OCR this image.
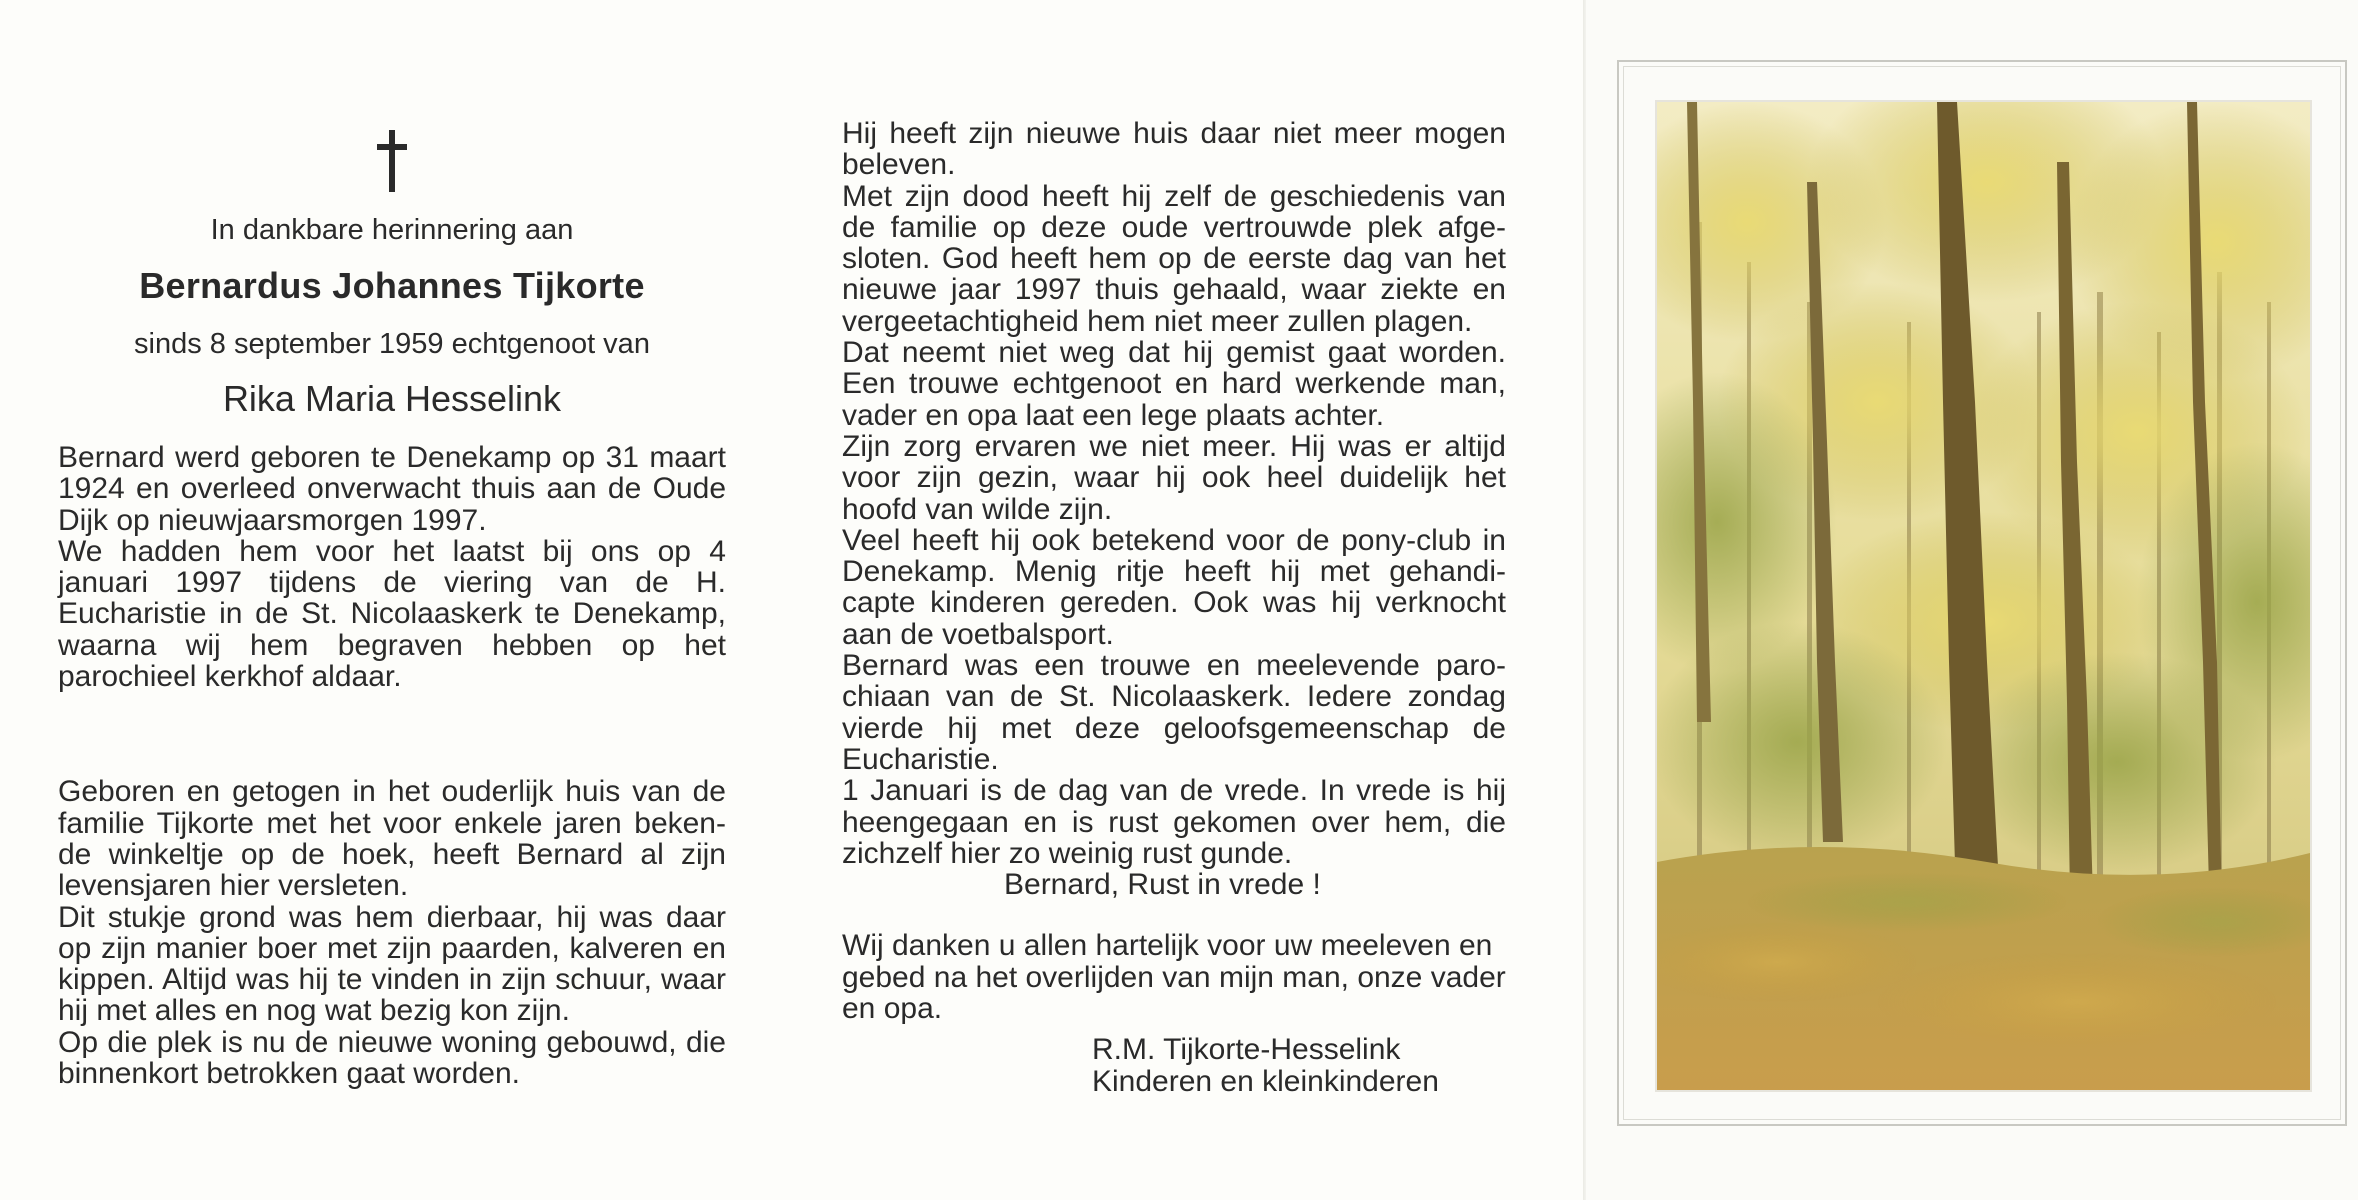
In dankbare herinnering aan

Bernardus Johannes Tijkorte

sinds 8 september 1959 echtgenoot van

Rika Maria Hesselink

Bernard werd geboren te Denekamp op 31 maart 1924 en overleed onverwacht thuis aan de Oude Dijk op nieuwjaarsmorgen 1997.

We hadden hem voor het laatst bij ons op 4 januari 1997 tijdens de viering van de H. Eucharistie in de St. Nicolaaskerk te Denekamp, waarna wij hem begraven hebben op het parochieel kerkhof aldaar.

Geboren en getogen in het ouderlijk huis van de familie Tijkorte met het voor enkele jaren beken- de winkeltje op de hoek, heeft Bernard al zijn levensjaren hier versleten.

Dit stukje grond was hem dierbaar, hij was daar op zijn manier boer met zijn paarden, kalveren en kippen. Altijd was hij te vinden in zijn schuur, waar hij met alles en nog wat bezig kon zijn.

Op die plek is nu de nieuwe woning gebouwd, die binnenkort betrokken gaat worden.

Hij heeft zijn nieuwe huis daar niet meer mogen beleven.

Met zijn dood heeft hij zelf de geschiedenis van de familie op deze oude vertrouwde plek afge- sloten. God heeft hem op de eerste dag van het nieuwe jaar 1997 thuis gehaald, waar ziekte en vergeetachtigheid hem niet meer zullen plagen.

Dat neemt niet weg dat hij gemist gaat worden. Een trouwe echtgenoot en hard werkende man, vader en opa laat een lege plaats achter.

Zijn zorg ervaren we niet meer. Hij was er altijd voor zijn gezin, waar hij ook heel duidelijk het hoofd van wilde zijn.

Veel heeft hij ook betekend voor de pony-club in Denekamp. Menig ritje heeft hij met gehandi- capte kinderen gereden. Ook was hij verknocht aan de voetbalsport.

Bernard was een trouwe en meelevende paro- chiaan van de St. Nicolaaskerk. Iedere zondag vierde hij met deze geloofsgemeenschap de Eucharistie.

1 Januari is de dag van de vrede. In vrede is hij heengegaan en is rust gekomen over hem, die zichzelf hier zo weinig rust gunde.

Bernard, Rust in vrede !

Wij danken u allen hartelijk voor uw meeleven en gebed na het overlijden van mijn man, onze vader en opa.

R.M. Tijkorte-Hesselink
Kinderen en kleinkinderen
